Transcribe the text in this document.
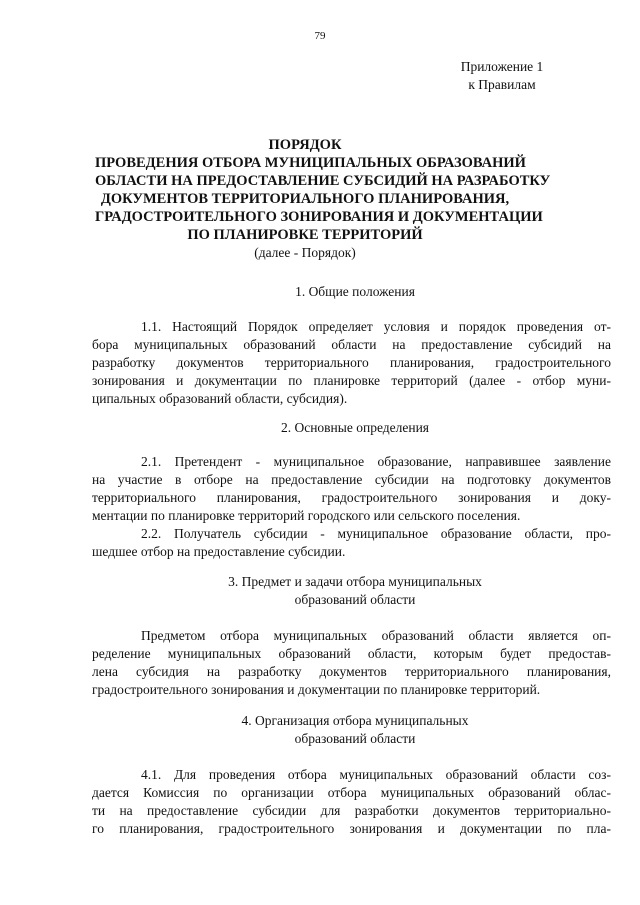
79
Приложение 1
к Правилам
ПОРЯДОК
ПРОВЕДЕНИЯ ОТБОРА МУНИЦИПАЛЬНЫХ ОБРАЗОВАНИЙ
ОБЛАСТИ НА ПРЕДОСТАВЛЕНИЕ СУБСИДИЙ НА РАЗРАБОТКУ
ДОКУМЕНТОВ ТЕРРИТОРИАЛЬНОГО ПЛАНИРОВАНИЯ,
ГРАДОСТРОИТЕЛЬНОГО ЗОНИРОВАНИЯ И ДОКУМЕНТАЦИИ
ПО ПЛАНИРОВКЕ ТЕРРИТОРИЙ
(далее - Порядок)
1. Общие положения
1.1. Настоящий Порядок определяет условия и порядок проведения от-
бора муниципальных образований области на предоставление субсидий на
разработку документов территориального планирования, градостроительного
зонирования и документации по планировке территорий (далее - отбор муни-
ципальных образований области, субсидия).
2. Основные определения
2.1. Претендент - муниципальное образование, направившее заявление
на участие в отборе на предоставление субсидии на подготовку документов
территориального планирования, градостроительного зонирования и доку-
ментации по планировке территорий городского или сельского поселения.
2.2. Получатель субсидии - муниципальное образование области, про-
шедшее отбор на предоставление субсидии.
3. Предмет и задачи отбора муниципальных
образований области
Предметом отбора муниципальных образований области является оп-
ределение муниципальных образований области, которым будет предостав-
лена субсидия на разработку документов территориального планирования,
градостроительного зонирования и документации по планировке территорий.
4. Организация отбора муниципальных
образований области
4.1. Для проведения отбора муниципальных образований области соз-
дается Комиссия по организации отбора муниципальных образований облас-
ти на предоставление субсидии для разработки документов территориально-
го планирования, градостроительного зонирования и документации по пла-
